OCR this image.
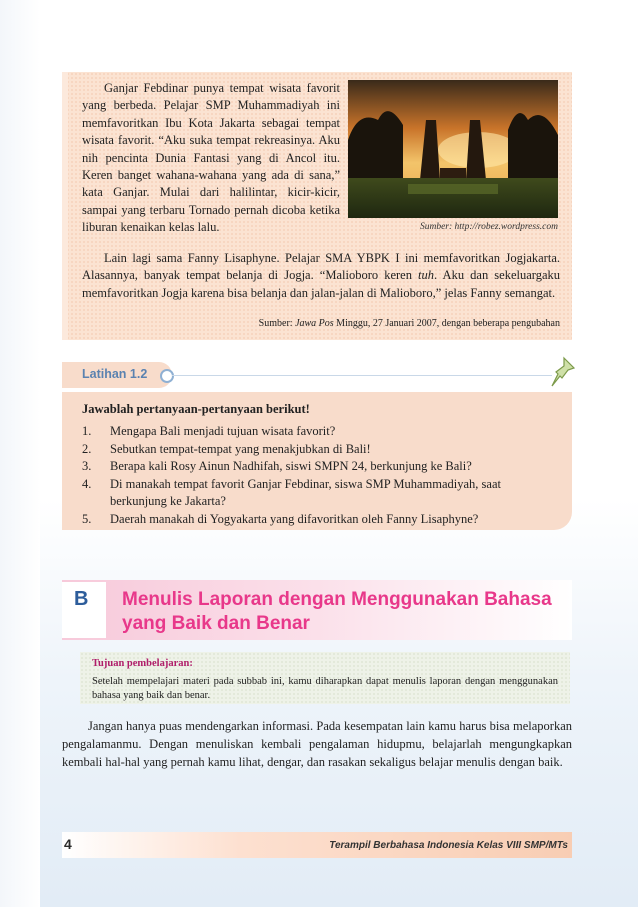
Ganjar Febdinar punya tempat wisata favorit yang berbeda. Pelajar SMP Muhammadiyah ini memfavoritkan Ibu Kota Jakarta sebagai tempat wisata favorit. “Aku suka tempat rekreasinya. Aku nih pencinta Dunia Fantasi yang di Ancol itu. Keren banget wahana-wahana yang ada di sana,” kata Ganjar. Mulai dari halilintar, kicir-kicir, sampai yang terbaru Tornado pernah dicoba ketika liburan kenaikan kelas lalu.	Sumber: http://robez.wordpress.com

Lain lagi sama Fanny Lisaphyne. Pelajar SMA YBPK I ini memfavoritkan Jogjakarta. Alasannya, banyak tempat belanja di Jogja. “Malioboro keren tuh. Aku dan sekeluargaku memfavoritkan Jogja karena bisa belanja dan jalan-jalan di Malioboro,” jelas Fanny semangat.

Sumber: Jawa Pos Minggu, 27 Januari 2007, dengan beberapa pengubahan
Latihan 1.2

Jawablah pertanyaan-pertanyaan berikut!

1. Mengapa Bali menjadi tujuan wisata favorit?
2. Sebutkan tempat-tempat yang menakjubkan di Bali!
3. Berapa kali Rosy Ainun Nadhifah, siswi SMPN 24, berkunjung ke Bali?
4. Di manakah tempat favorit Ganjar Febdinar, siswa SMP Muhammadiyah, saat berkunjung ke Jakarta?
5. Daerah manakah di Yogyakarta yang difavoritkan oleh Fanny Lisaphyne?
B Menulis Laporan dengan Menggunakan Bahasa yang Baik dan Benar
Tujuan pembelajaran:

Setelah mempelajari materi pada subbab ini, kamu diharapkan dapat menulis laporan dengan menggunakan bahasa yang baik dan benar.

Jangan hanya puas mendengarkan informasi. Pada kesempatan lain kamu harus bisa melaporkan pengalamanmu. Dengan menuliskan kembali pengalaman hidupmu, belajarlah mengungkapkan kembali hal-hal yang pernah kamu lihat, dengar, dan rasakan sekaligus belajar menulis dengan baik.

4	Terampil Berbahasa Indonesia Kelas VIII SMP/MTs
